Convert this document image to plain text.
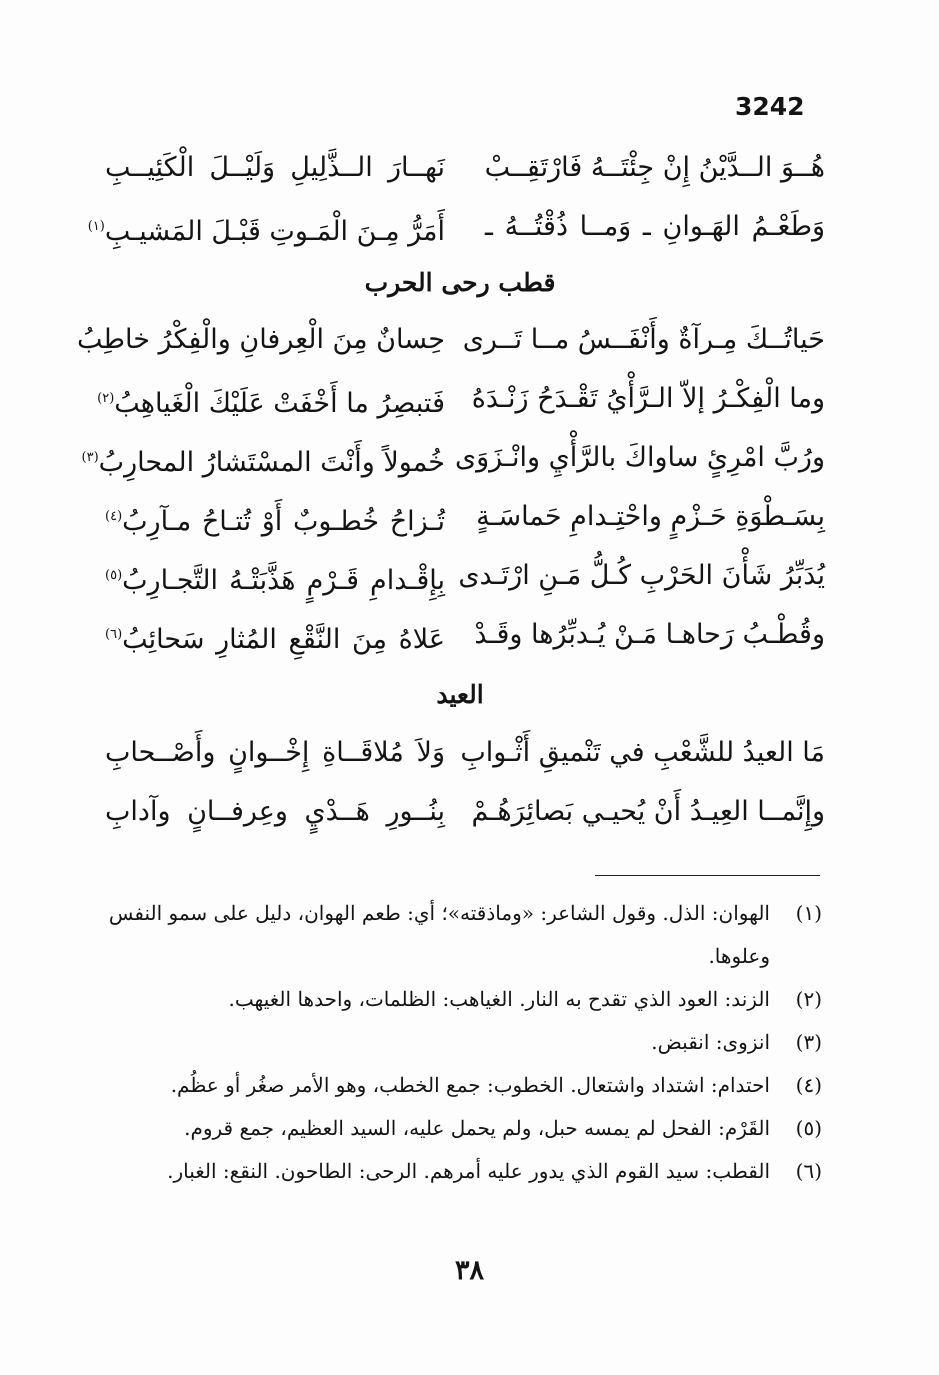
3242
هُــوَ الــدَّيْنُ إِنْ جِئْتَــهُ فَارْتَقِــبْ
نَهــارَ الــذَّلِيلِ وَلَيْــلَ الْكَئِيــبِ
وَطَعْـمُ الهَـوانِ ـ وَمــا ذُقْتُــهُ ـ
أَمَرُّ مِـنَ الْمَـوتِ قَبْـلَ المَشيـبِ$^{(١)}$
قطب رحى الحرب
حَياتُــكَ مِـرآةٌ وأَنْفَــسُ مــا تَــرى
حِسانٌ مِنَ الْعِرفانِ والْفِكْرُ خاطِبُ
وما الْفِكْـرُ إلاّ الـرَّأْيُ تَقْـدَحُ زَنْـدَهُ
فَتبصِرُ ما أَخْفَتْ عَلَيْكَ الْغَياهِبُ$^{(٢)}$
ورُبَّ امْرِئٍ ساواكَ بالرَّأْيِ وانْـزَوَى
خُمولاً وأَنْتَ المسْتَشارُ المحارِبُ$^{(٣)}$
بِسَـطْوَةِ حَـزْمٍ واحْتِـدامِ حَماسَـةٍ
تُـزاحُ خُطـوبٌ أَوْ تُتـاحُ مـآرِبُ$^{(٤)}$
يُدَبِّرُ شَأْنَ الحَرْبِ كُـلُّ مَـنِ ارْتَـدى
بِإِقْـدامِ قَـرْمٍ هَذَّبَتْـهُ التَّجـارِبُ$^{(٥)}$
وقُطْـبُ رَحاهـا مَـنْ يُـدبِّرُها وقَـدْ
عَلاهُ مِنَ النَّقْعِ المُثارِ سَحائِبُ$^{(٦)}$
العيد
مَا العيدُ للشَّعْبِ في تَنْميقِ أَثْـوابِ
وَلاَ مُلاقَــاةِ إِخْــوانٍ وأَصْــحابِ
وإِنَّمــا العِيـدُ أَنْ يُحيـي بَصائِرَهُـمْ
بِنُــورِ هَــدْيٍ وعِرفــانٍ وآدابِ
(١)
الهوان: الذل. وقول الشاعر: «وماذقته»؛ أي: طعم الهوان، دليل على سمو النفس وعلوها.
(٢)
الزند: العود الذي تقدح به النار. الغياهب: الظلمات، واحدها الغيهب.
(٣)
انزوى: انقبض.
(٤)
احتدام: اشتداد واشتعال. الخطوب: جمع الخطب، وهو الأمر صغُر أو عظُم.
(٥)
القَرْم: الفحل لم يمسه حبل، ولم يحمل عليه، السيد العظيم، جمع قروم.
(٦)
القطب: سيد القوم الذي يدور عليه أمرهم. الرحى: الطاحون. النقع: الغبار.
٣٨
